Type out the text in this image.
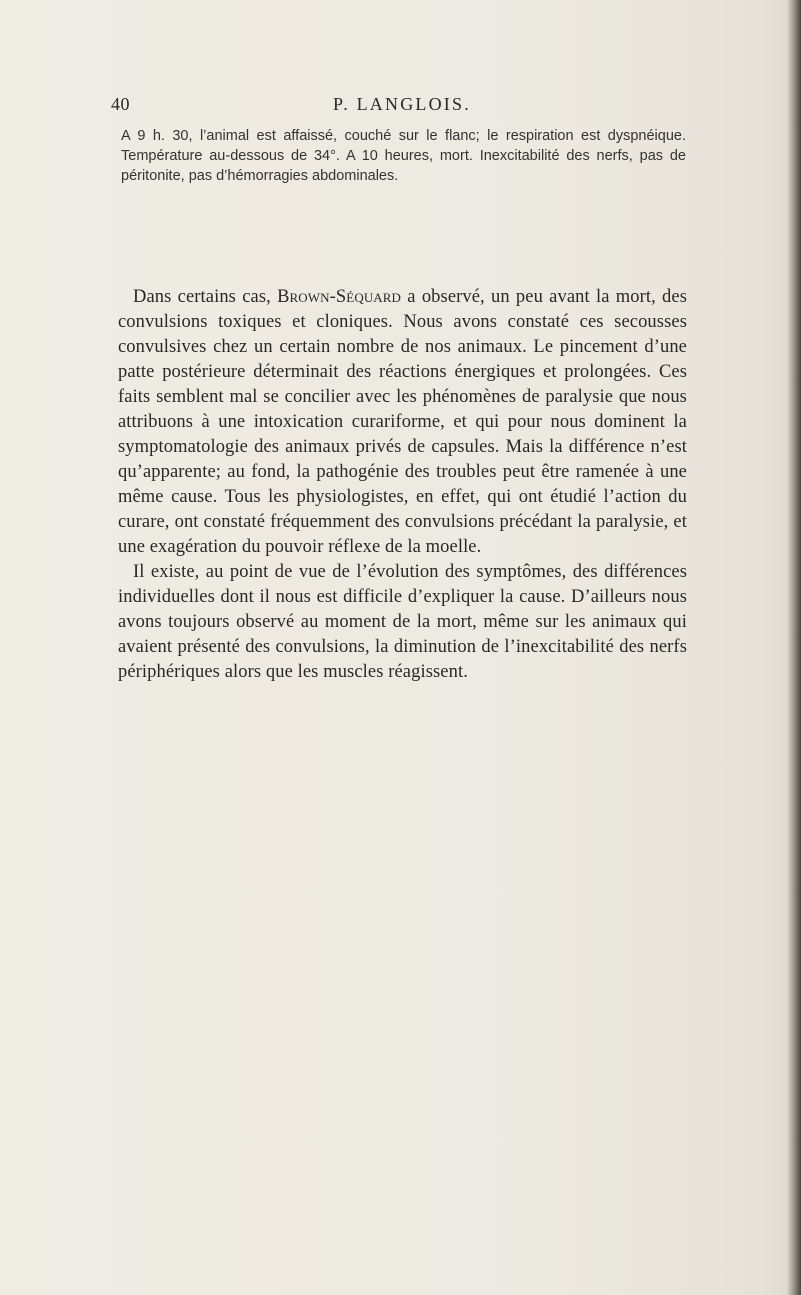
40	P. LANGLOIS.

A 9 h. 30, l’animal est affaissé, couché sur le flanc; le respiration est dyspnéique. Température au-dessous de 34°. A 10 heures, mort. Inexcitabilité des nerfs, pas de péritonite, pas d’hémorragies abdominales.

Dans certains cas, Brown-Séquard a observé, un peu avant la mort, des convulsions toxiques et cloniques. Nous avons constaté ces secousses convulsives chez un certain nombre de nos animaux. Le pincement d’une patte postérieure déterminait des réactions énergiques et prolongées. Ces faits semblent mal se concilier avec les phénomènes de paralysie que nous attribuons à une intoxication curariforme, et qui pour nous dominent la symptomatologie des animaux privés de capsules. Mais la différence n’est qu’apparente; au fond, la pathogénie des troubles peut être ramenée à une même cause. Tous les physiologistes, en effet, qui ont étudié l’action du curare, ont constaté fréquemment des convulsions précédant la paralysie, et une exagération du pouvoir réflexe de la moelle.

Il existe, au point de vue de l’évolution des symptômes, des différences individuelles dont il nous est difficile d’expliquer la cause. D’ailleurs nous avons toujours observé au moment de la mort, même sur les animaux qui avaient présenté des convulsions, la diminution de l’inexcitabilité des nerfs périphériques alors que les muscles réagissent.
